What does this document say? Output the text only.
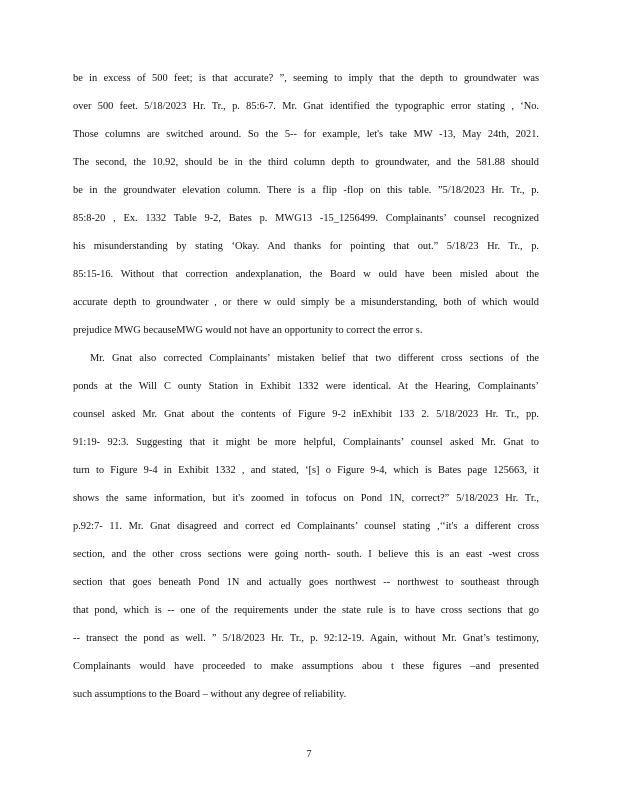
be in excess of 500 feet; is that accurate? ”, seeming to imply that the depth to groundwater was
over 500 feet. 5/18/2023 Hr. Tr., p. 85:6-7. Mr. Gnat identified the typographic error stating , ‘No.
Those columns are switched around. So the 5-- for example, let's take MW -13, May 24th, 2021.
The second, the 10.92, should be in the third column depth to groundwater, and the 581.88 should
be in the groundwater elevation column. There is a flip -flop on this table. ”5/18/2023 Hr. Tr., p.
85:8-20 , Ex. 1332 Table 9-2, Bates p. MWG13 -15_1256499. Complainants’ counsel recognized
his misunderstanding by stating ‘Okay. And thanks for pointing that out.” 5/18/23 Hr. Tr., p.
85:15-16. Without that correction andexplanation, the Board w ould have been misled about the
accurate depth to groundwater , or there w ould simply be a misunderstanding, both of which would
prejudice MWG becauseMWG would not have an opportunity to correct the error s.
Mr. Gnat also corrected Complainants’ mistaken belief that two different cross sections of the
ponds at the Will C ounty Station in Exhibit 1332 were identical. At the Hearing, Complainants’
counsel asked Mr. Gnat about the contents of Figure 9-2 inExhibit 133 2. 5/18/2023 Hr. Tr., pp.
91:19- 92:3. Suggesting that it might be more helpful, Complainants’ counsel asked Mr. Gnat to
turn to Figure 9-4 in Exhibit 1332 , and stated, ‘[s] o Figure 9-4, which is Bates page 125663, it
shows the same information, but it's zoomed in tofocus on Pond 1N, correct?” 5/18/2023 Hr. Tr.,
p.92:7- 11. Mr. Gnat disagreed and correct ed Complainants’ counsel stating ,‘‘it's a different cross
section, and the other cross sections were going north- south. I believe this is an east -west cross
section that goes beneath Pond 1N and actually goes northwest -- northwest to southeast through
that pond, which is -- one of the requirements under the state rule is to have cross sections that go
-- transect the pond as well. ” 5/18/2023 Hr. Tr., p. 92:12-19. Again, without Mr. Gnat’s testimony,
Complainants would have proceeded to make assumptions abou t these figures –and presented
such assumptions to the Board – without any degree of reliability.
7
